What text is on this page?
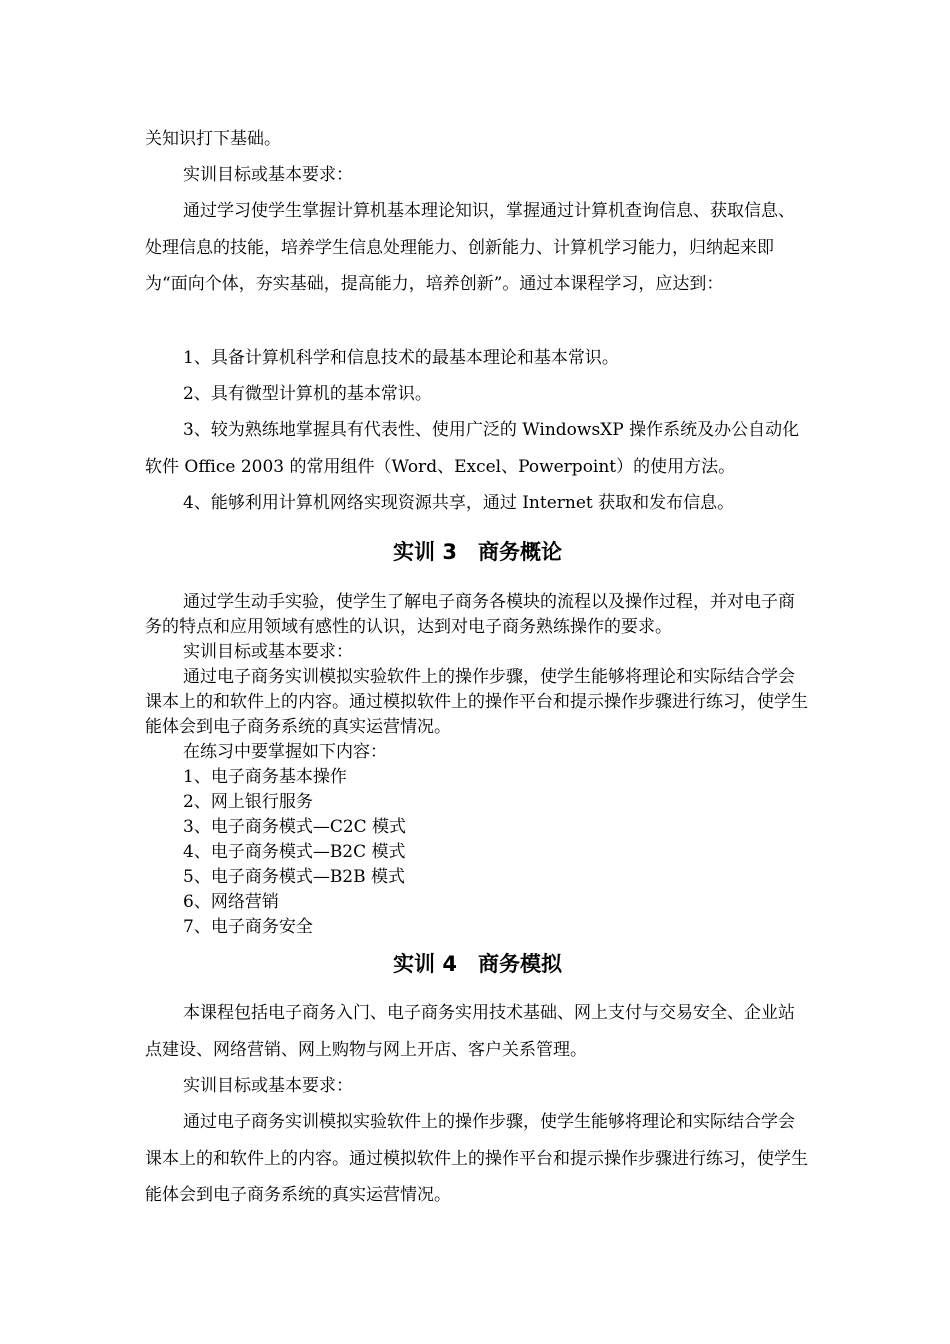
关知识打下基础。

实训目标或基本要求：

通过学习使学生掌握计算机基本理论知识，掌握通过计算机查询信息、获取信息、处理信息的技能，培养学生信息处理能力、创新能力、计算机学习能力，归纳起来即为“面向个体，夯实基础，提高能力，培养创新”。通过本课程学习，应达到：

1、具备计算机科学和信息技术的最基本理论和基本常识。

2、具有微型计算机的基本常识。

3、较为熟练地掌握具有代表性、使用广泛的 WindowsXP 操作系统及办公自动化软件 Office 2003 的常用组件（Word、Excel、Powerpoint）的使用方法。

4、能够利用计算机网络实现资源共享，通过 Internet 获取和发布信息。

实训 3　商务概论

通过学生动手实验，使学生了解电子商务各模块的流程以及操作过程，并对电子商务的特点和应用领域有感性的认识，达到对电子商务熟练操作的要求。

实训目标或基本要求：

通过电子商务实训模拟实验软件上的操作步骤，使学生能够将理论和实际结合学会课本上的和软件上的内容。通过模拟软件上的操作平台和提示操作步骤进行练习，使学生能体会到电子商务系统的真实运营情况。

在练习中要掌握如下内容：

1、电子商务基本操作
2、网上银行服务
3、电子商务模式—C2C 模式
4、电子商务模式—B2C 模式
5、电子商务模式—B2B 模式
6、网络营销
7、电子商务安全
实训 4　商务模拟

本课程包括电子商务入门、电子商务实用技术基础、网上支付与交易安全、企业站点建设、网络营销、网上购物与网上开店、客户关系管理。

实训目标或基本要求：

通过电子商务实训模拟实验软件上的操作步骤，使学生能够将理论和实际结合学会课本上的和软件上的内容。通过模拟软件上的操作平台和提示操作步骤进行练习，使学生能体会到电子商务系统的真实运营情况。
